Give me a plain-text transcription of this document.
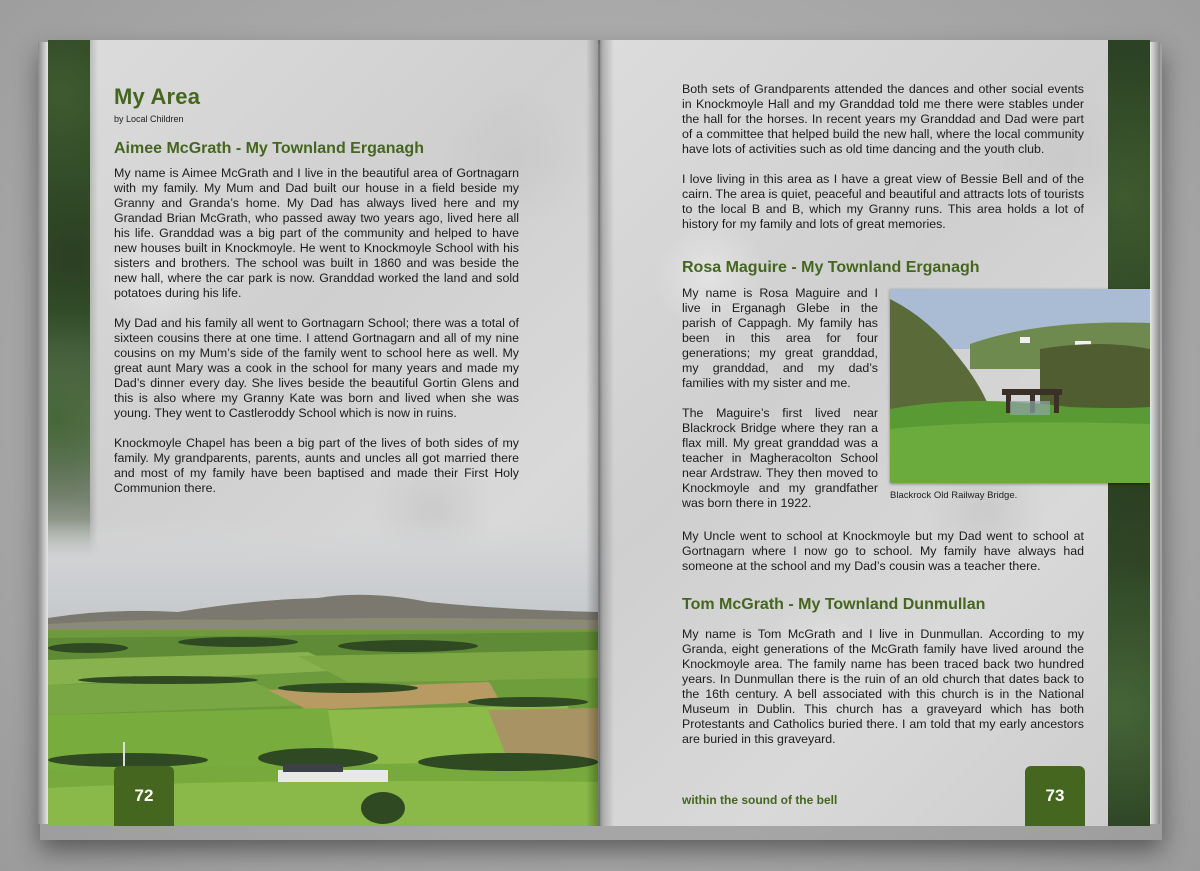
My Area
by Local Children
Aimee McGrath - My Townland Erganagh

My name is Aimee McGrath and I live in the beautiful area of Gortnagarn with my family. My Mum and Dad built our house in a field beside my Granny and Granda’s home. My Dad has always lived here and my Grandad Brian McGrath, who passed away two years ago, lived here all his life. Granddad was a big part of the community and helped to have new houses built in Knockmoyle. He went to Knockmoyle School with his sisters and brothers. The school was built in 1860 and was beside the new hall, where the car park is now. Granddad worked the land and sold potatoes during his life.

My Dad and his family all went to Gortnagarn School; there was a total of sixteen cousins there at one time. I attend Gortnagarn and all of my nine cousins on my Mum’s side of the family went to school here as well. My great aunt Mary was a cook in the school for many years and made my Dad’s dinner every day. She lives beside the beautiful Gortin Glens and this is also where my Granny Kate was born and lived when she was young. They went to Castleroddy School which is now in ruins.

Knockmoyle Chapel has been a big part of the lives of both sides of my family. My grandparents, parents, aunts and uncles all got married there and most of my family have been baptised and made their First Holy Communion there.

72

Both sets of Grandparents attended the dances and other social events in Knockmoyle Hall and my Granddad told me there were stables under the hall for the horses. In recent years my Granddad and Dad were part of a committee that helped build the new hall, where the local community have lots of activities such as old time dancing and the youth club.

I love living in this area as I have a great view of Bessie Bell and of the cairn. The area is quiet, peaceful and beautiful and attracts lots of tourists to the local B and B, which my Granny runs. This area holds a lot of history for my family and lots of great memories.

Rosa Maguire - My Townland Erganagh

My name is Rosa Maguire and I live in Erganagh Glebe in the parish of Cappagh. My family has been in this area for four generations; my great granddad, my granddad, and my dad’s families with my sister and me.

The Maguire’s first lived near Blackrock Bridge where they ran a flax mill. My great granddad was a teacher in Magheracolton School near Ardstraw. They then moved to Knockmoyle and my grandfather was born there in 1922.

Blackrock Old Railway Bridge.

My Uncle went to school at Knockmoyle but my Dad went to school at Gortnagarn where I now go to school. My family have always had someone at the school and my Dad’s cousin was a teacher there.

Tom McGrath - My Townland Dunmullan

My name is Tom McGrath and I live in Dunmullan. According to my Granda, eight generations of the McGrath family have lived around the Knockmoyle area. The family name has been traced back two hundred years. In Dunmullan there is the ruin of an old church that dates back to the 16th century. A bell associated with this church is in the National Museum in Dublin. This church has a graveyard which has both Protestants and Catholics buried there. I am told that my early ancestors are buried in this graveyard.

within the sound of the bell	73
